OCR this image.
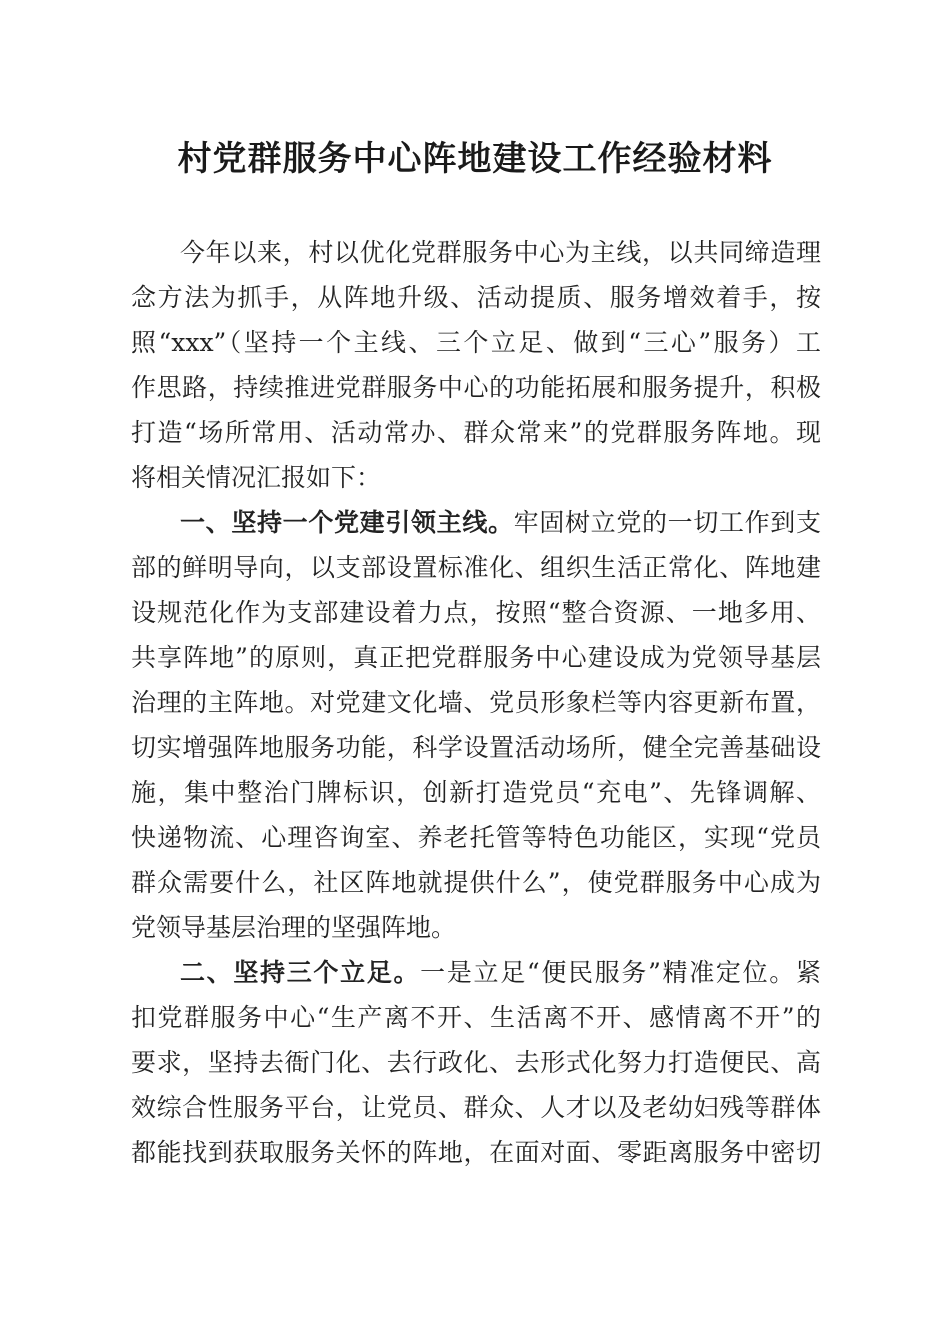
村党群服务中心阵地建设工作经验材料
今年以来，村以优化党群服务中心为主线，以共同缔造理
念方法为抓手，从阵地升级、活动提质、服务增效着手，按
照“xxx”（坚持一个主线、三个立足、做到“三心”服务）工
作思路，持续推进党群服务中心的功能拓展和服务提升，积极
打造“场所常用、活动常办、群众常来”的党群服务阵地。现
将相关情况汇报如下：
一、坚持一个党建引领主线。牢固树立党的一切工作到支
部的鲜明导向，以支部设置标准化、组织生活正常化、阵地建
设规范化作为支部建设着力点，按照“整合资源、一地多用、
共享阵地”的原则，真正把党群服务中心建设成为党领导基层
治理的主阵地。对党建文化墙、党员形象栏等内容更新布置，
切实增强阵地服务功能，科学设置活动场所，健全完善基础设
施，集中整治门牌标识，创新打造党员“充电”、先锋调解、
快递物流、心理咨询室、养老托管等特色功能区，实现“党员
群众需要什么，社区阵地就提供什么”，使党群服务中心成为
党领导基层治理的坚强阵地。
二、坚持三个立足。一是立足“便民服务”精准定位。紧
扣党群服务中心“生产离不开、生活离不开、感情离不开”的
要求，坚持去衙门化、去行政化、去形式化努力打造便民、高
效综合性服务平台，让党员、群众、人才以及老幼妇残等群体
都能找到获取服务关怀的阵地，在面对面、零距离服务中密切
